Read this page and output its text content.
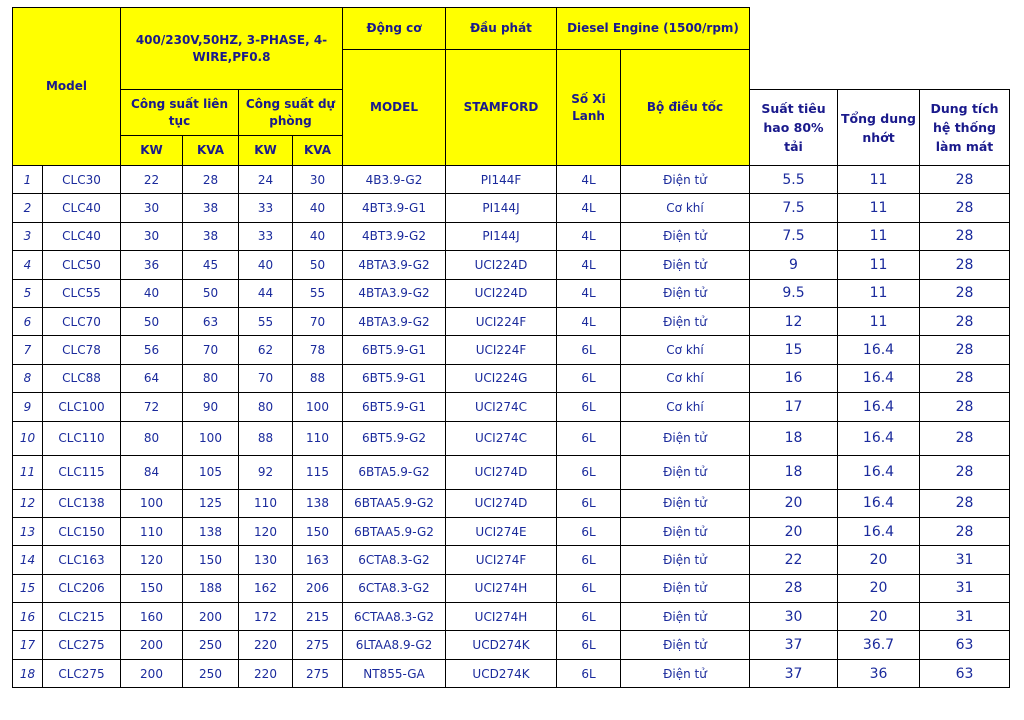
Model		400/230V,50HZ, 3-PHASE, 4-WIRE,PF0.8				Động cơ	Đầu phát	Diesel Engine (1500/rpm)				
						MODEL	STAMFORD	Số Xi Lanh	Bộ điều tốc			
		Công suất liên tục		Công suất dự phòng						Suất tiêu hao 80% tải	Tổng dung nhớt	Dung tích hệ thống làm mát
		KW	KVA	KW	KVA							
1	CLC30	22	28	24	30	4B3.9-G2	PI144F	4L	Điện tử	5.5	11	28
2	CLC40	30	38	33	40	4BT3.9-G1	PI144J	4L	Cơ khí	7.5	11	28
3	CLC40	30	38	33	40	4BT3.9-G2	PI144J	4L	Điện tử	7.5	11	28
4	CLC50	36	45	40	50	4BTA3.9-G2	UCI224D	4L	Điện tử	9	11	28
5	CLC55	40	50	44	55	4BTA3.9-G2	UCI224D	4L	Điện tử	9.5	11	28
6	CLC70	50	63	55	70	4BTA3.9-G2	UCI224F	4L	Điện tử	12	11	28
7	CLC78	56	70	62	78	6BT5.9-G1	UCI224F	6L	Cơ khí	15	16.4	28
8	CLC88	64	80	70	88	6BT5.9-G1	UCI224G	6L	Cơ khí	16	16.4	28
9	CLC100	72	90	80	100	6BT5.9-G1	UCI274C	6L	Cơ khí	17	16.4	28
10	CLC110	80	100	88	110	6BT5.9-G2	UCI274C	6L	Điện tử	18	16.4	28
11	CLC115	84	105	92	115	6BTA5.9-G2	UCI274D	6L	Điện tử	18	16.4	28
12	CLC138	100	125	110	138	6BTAA5.9-G2	UCI274D	6L	Điện tử	20	16.4	28
13	CLC150	110	138	120	150	6BTAA5.9-G2	UCI274E	6L	Điện tử	20	16.4	28
14	CLC163	120	150	130	163	6CTA8.3-G2	UCI274F	6L	Điện tử	22	20	31
15	CLC206	150	188	162	206	6CTA8.3-G2	UCI274H	6L	Điện tử	28	20	31
16	CLC215	160	200	172	215	6CTAA8.3-G2	UCI274H	6L	Điện tử	30	20	31
17	CLC275	200	250	220	275	6LTAA8.9-G2	UCD274K	6L	Điện tử	37	36.7	63
18	CLC275	200	250	220	275	NT855-GA	UCD274K	6L	Điện tử	37	36	63
